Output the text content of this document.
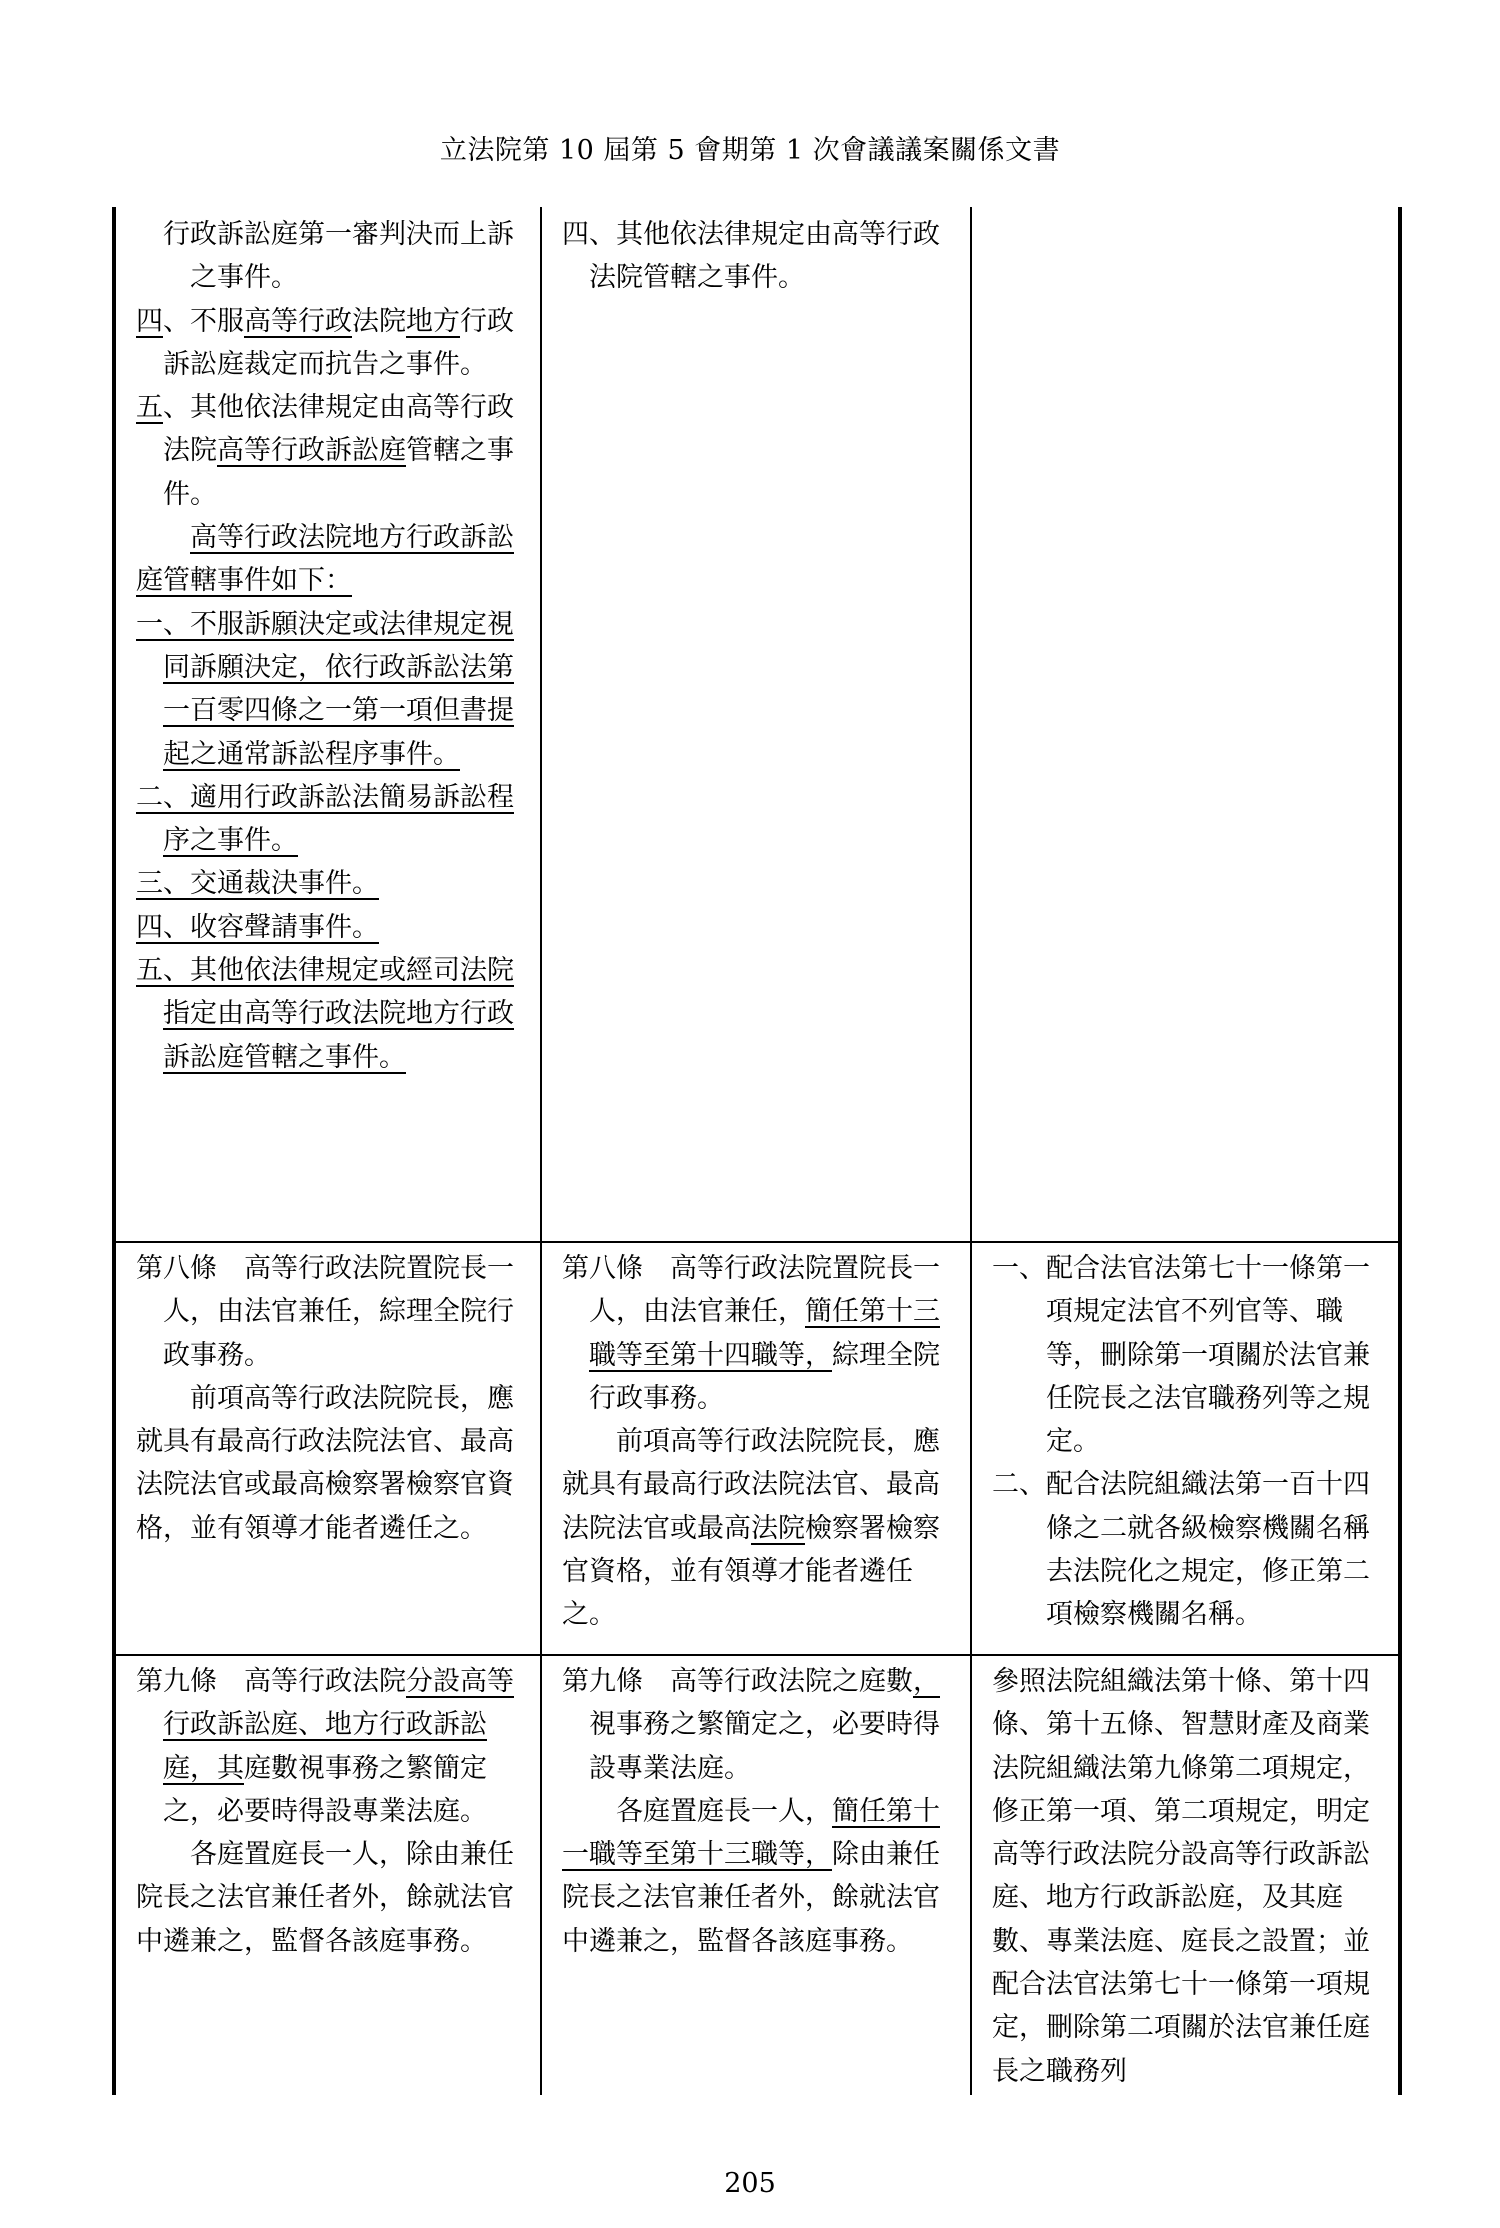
立法院第 10 屆第 5 會期第 1 次會議議案關係文書

　行政訴訟庭第一審判決而上訴之事件。

四、不服高等行政法院地方行政訴訟庭裁定而抗告之事件。

五、其他依法律規定由高等行政法院高等行政訴訟庭管轄之事件。

高等行政法院地方行政訴訟庭管轄事件如下：

一、不服訴願決定或法律規定視同訴願決定，依行政訴訟法第一百零四條之一第一項但書提起之通常訴訟程序事件。

二、適用行政訴訟法簡易訴訟程序之事件。

三、交通裁決事件。

四、收容聲請事件。

五、其他依法律規定或經司法院指定由高等行政法院地方行政訴訟庭管轄之事件。

四、其他依法律規定由高等行政法院管轄之事件。

第八條　高等行政法院置院長一人，由法官兼任，綜理全院行政事務。

前項高等行政法院院長，應就具有最高行政法院法官、最高法院法官或最高檢察署檢察官資格，並有領導才能者遴任之。

第八條　高等行政法院置院長一人，由法官兼任，簡任第十三職等至第十四職等，綜理全院行政事務。

前項高等行政法院院長，應就具有最高行政法院法官、最高法院法官或最高法院檢察署檢察官資格，並有領導才能者遴任之。

一、配合法官法第七十一條第一項規定法官不列官等、職等，刪除第一項關於法官兼任院長之法官職務列等之規定。

二、配合法院組織法第一百十四條之二就各級檢察機關名稱去法院化之規定，修正第二項檢察機關名稱。

第九條　高等行政法院分設高等行政訴訟庭、地方行政訴訟庭，其庭數視事務之繁簡定之，必要時得設專業法庭。

各庭置庭長一人，除由兼任院長之法官兼任者外，餘就法官中遴兼之，監督各該庭事務。

第九條　高等行政法院之庭數，視事務之繁簡定之，必要時得設專業法庭。

各庭置庭長一人，簡任第十一職等至第十三職等，除由兼任院長之法官兼任者外，餘就法官中遴兼之，監督各該庭事務。

參照法院組織法第十條、第十四條、第十五條、智慧財產及商業法院組織法第九條第二項規定，修正第一項、第二項規定，明定高等行政法院分設高等行政訴訟庭、地方行政訴訟庭，及其庭數、專業法庭、庭長之設置；並配合法官法第七十一條第一項規定，刪除第二項關於法官兼任庭長之職務列

205
